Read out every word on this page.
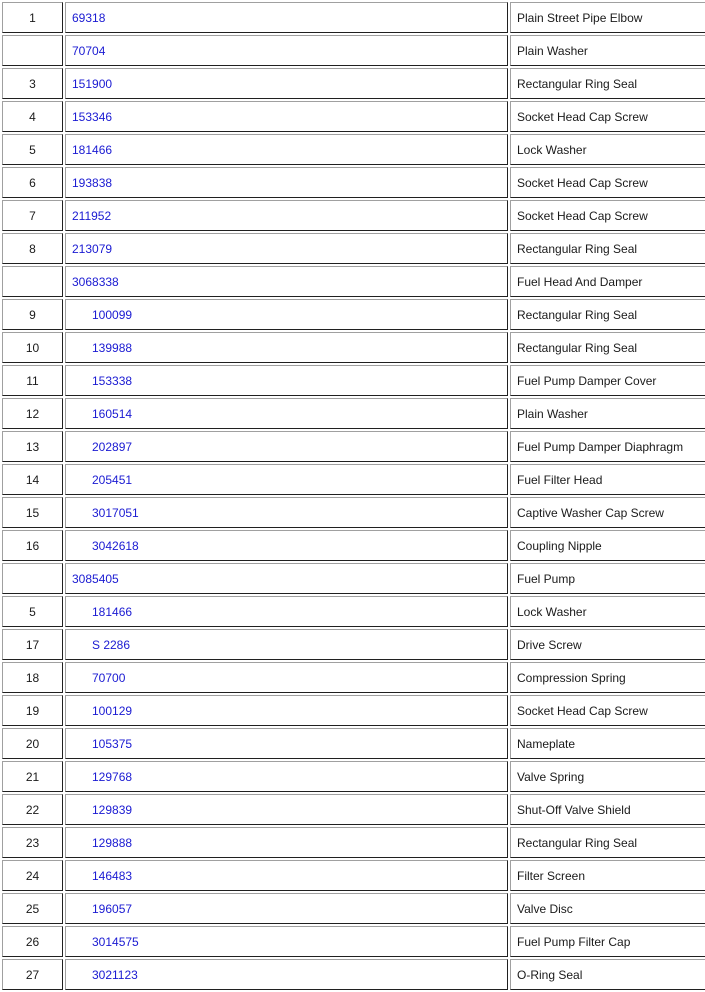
1	69318	Plain Street Pipe Elbow
	70704	Plain Washer
3	151900	Rectangular Ring Seal
4	153346	Socket Head Cap Screw
5	181466	Lock Washer
6	193838	Socket Head Cap Screw
7	211952	Socket Head Cap Screw
8	213079	Rectangular Ring Seal
	3068338	Fuel Head And Damper
9	100099	Rectangular Ring Seal
10	139988	Rectangular Ring Seal
11	153338	Fuel Pump Damper Cover
12	160514	Plain Washer
13	202897	Fuel Pump Damper Diaphragm
14	205451	Fuel Filter Head
15	3017051	Captive Washer Cap Screw
16	3042618	Coupling Nipple
	3085405	Fuel Pump
5	181466	Lock Washer
17	S 2286	Drive Screw
18	70700	Compression Spring
19	100129	Socket Head Cap Screw
20	105375	Nameplate
21	129768	Valve Spring
22	129839	Shut-Off Valve Shield
23	129888	Rectangular Ring Seal
24	146483	Filter Screen
25	196057	Valve Disc
26	3014575	Fuel Pump Filter Cap
27	3021123	O-Ring Seal
